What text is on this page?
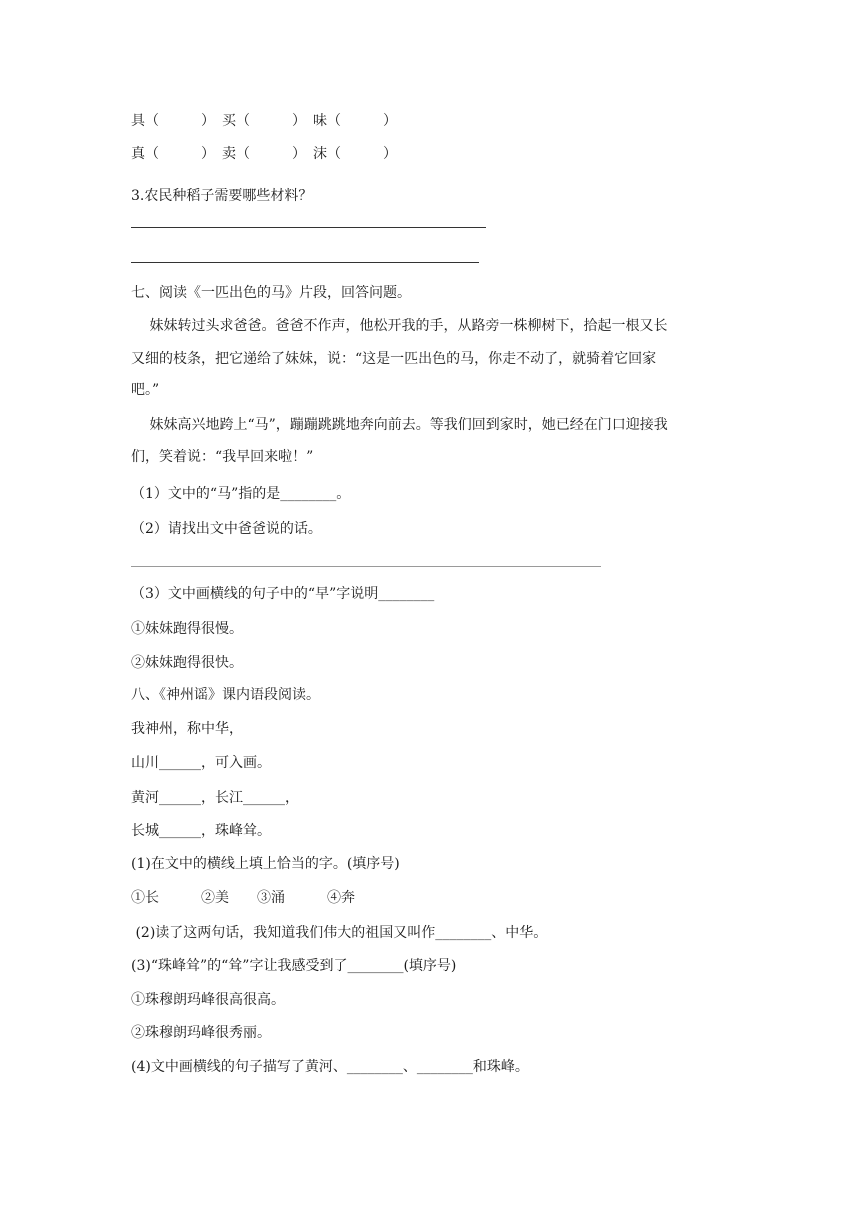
具（　　　）　买（　　　）　味（　　　）
真（　　　）　卖（　　　）　沫（　　　）
3.农民种稻子需要哪些材料？
七、阅读《一匹出色的马》片段，回答问题。
　 妹妹转过头求爸爸。爸爸不作声，他松开我的手，从路旁一株柳树下，拾起一根又长
又细的枝条，把它递给了妹妹，说：“这是一匹出色的马，你走不动了，就骑着它回家
吧。”
　 妹妹高兴地跨上“马”，蹦蹦跳跳地奔向前去。等我们回到家时，她已经在门口迎接我
们，笑着说：“我早回来啦！”
（1）文中的“马”指的是________。
（2）请找出文中爸爸说的话。
（3）文中画横线的句子中的“早”字说明________
①妹妹跑得很慢。
②妹妹跑得很快。
八、《神州谣》课内语段阅读。
我神州，称中华，
山川______，可入画。
黄河______，长江______，
长城______，珠峰耸。
(1)在文中的横线上填上恰当的字。(填序号)
①长　　　②美　　③涌　　　④奔
(2)读了这两句话，我知道我们伟大的祖国又叫作________、中华。
(3)“珠峰耸”的“耸”字让我感受到了________(填序号)
①珠穆朗玛峰很高很高。
②珠穆朗玛峰很秀丽。
(4)文中画横线的句子描写了黄河、________、________和珠峰。
